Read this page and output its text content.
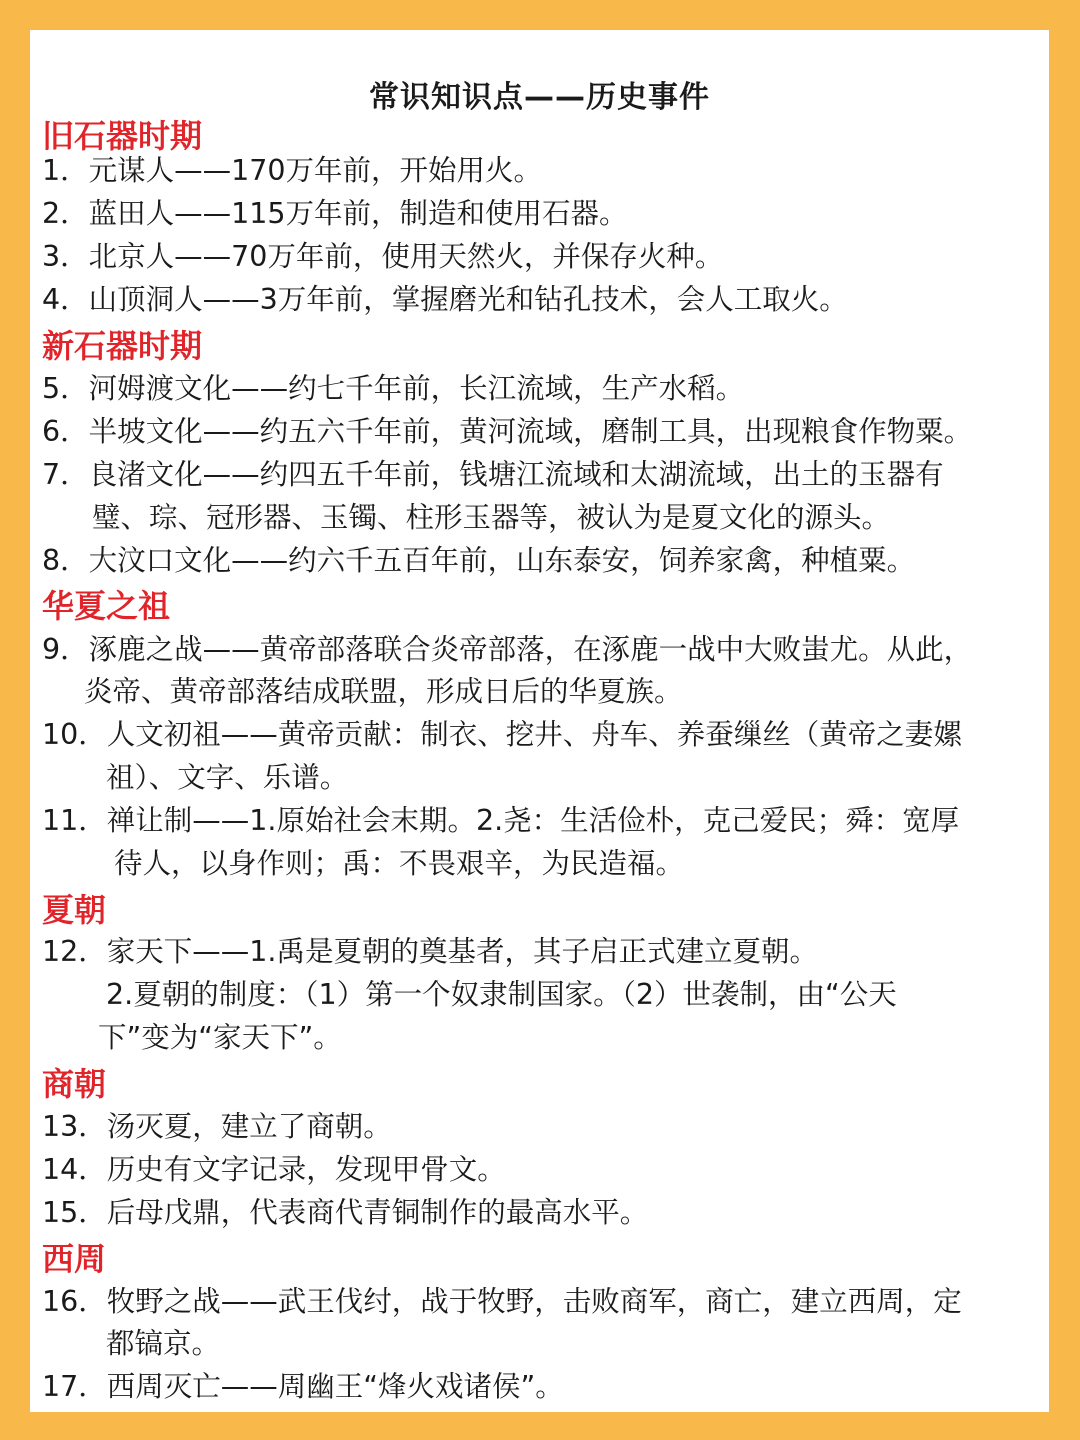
常识知识点——历史事件
旧石器时期
1．元谋人——170万年前，开始用火。
2．蓝田人——115万年前，制造和使用石器。
3．北京人——70万年前，使用天然火，并保存火种。
4．山顶洞人——3万年前，掌握磨光和钻孔技术，会人工取火。
新石器时期
5．河姆渡文化——约七千年前，长江流域，生产水稻。
6．半坡文化——约五六千年前，黄河流域，磨制工具，出现粮食作物粟。
7．良渚文化——约四五千年前，钱塘江流域和太湖流域，出土的玉器有
璧、琮、冠形器、玉镯、柱形玉器等，被认为是夏文化的源头。
8．大汶口文化——约六千五百年前，山东泰安，饲养家禽，种植粟。
华夏之祖
9．涿鹿之战——黄帝部落联合炎帝部落，在涿鹿一战中大败蚩尤。从此，
炎帝、黄帝部落结成联盟，形成日后的华夏族。
10．人文初祖——黄帝贡献：制衣、挖井、舟车、养蚕缫丝（黄帝之妻嫘
祖）、文字、乐谱。
11．禅让制——1.原始社会末期。2.尧：生活俭朴，克己爱民；舜：宽厚
待人，以身作则；禹：不畏艰辛，为民造福。
夏朝
12．家天下——1.禹是夏朝的奠基者，其子启正式建立夏朝。
2.夏朝的制度：（1）第一个奴隶制国家。（2）世袭制，由“公天
下”变为“家天下”。
商朝
13．汤灭夏，建立了商朝。
14．历史有文字记录，发现甲骨文。
15．后母戊鼎，代表商代青铜制作的最高水平。
西周
16．牧野之战——武王伐纣，战于牧野，击败商军，商亡，建立西周，定
都镐京。
17．西周灭亡——周幽王“烽火戏诸侯”。
